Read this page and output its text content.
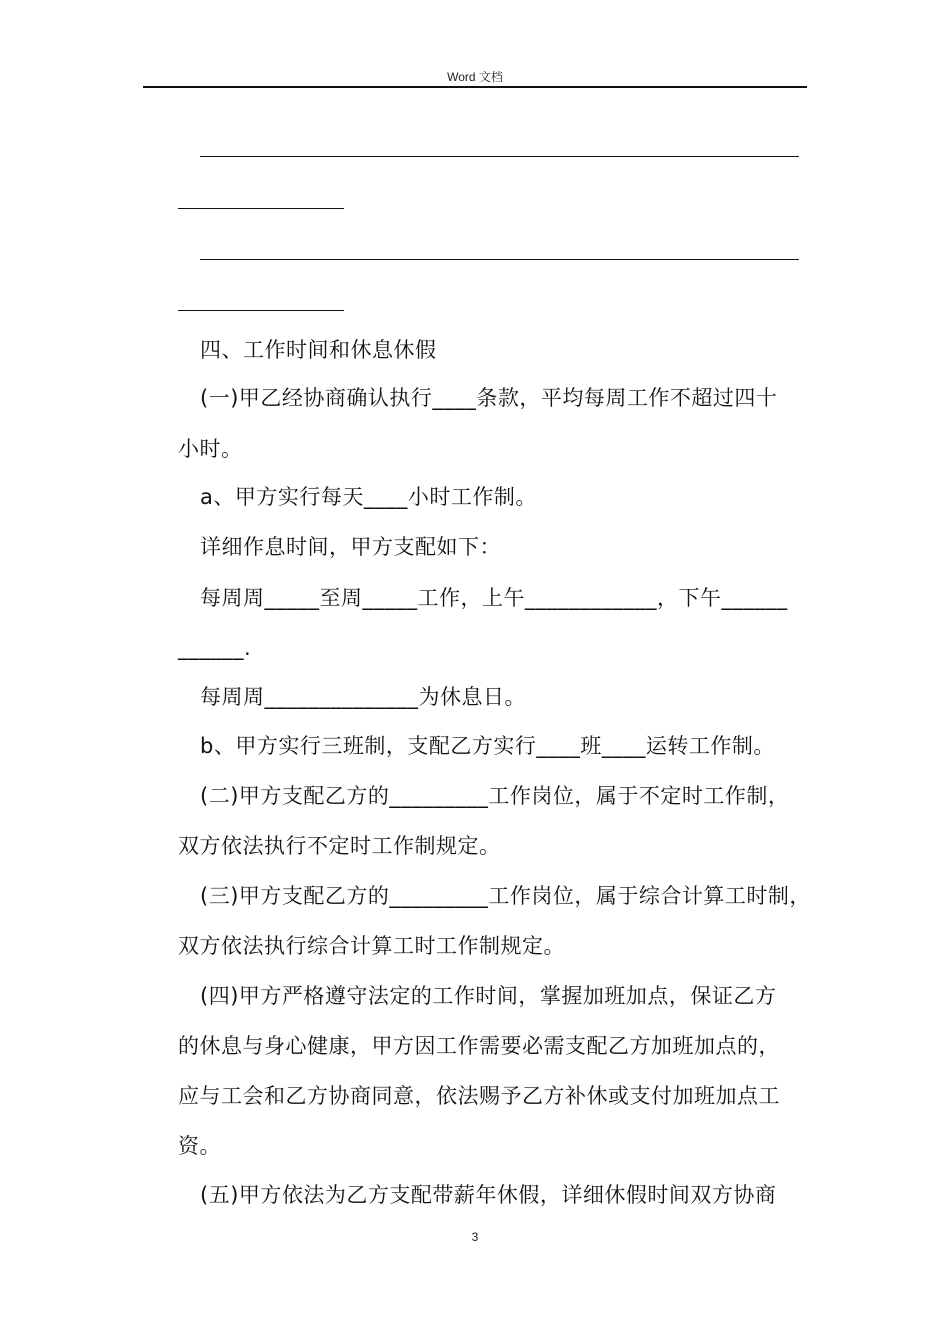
Word 文档
四、工作时间和休息休假
(一)甲乙经协商确认执行____条款，平均每周工作不超过四十
小时。
a、甲方实行每天____小时工作制。
详细作息时间，甲方支配如下：
每周周_____至周_____工作，上午____________，下午______
______.
每周周______________为休息日。
b、甲方实行三班制，支配乙方实行____班____运转工作制。
(二)甲方支配乙方的_________工作岗位，属于不定时工作制，
双方依法执行不定时工作制规定。
(三)甲方支配乙方的_________工作岗位，属于综合计算工时制，
双方依法执行综合计算工时工作制规定。
(四)甲方严格遵守法定的工作时间，掌握加班加点，保证乙方
的休息与身心健康，甲方因工作需要必需支配乙方加班加点的，
应与工会和乙方协商同意，依法赐予乙方补休或支付加班加点工
资。
(五)甲方依法为乙方支配带薪年休假，详细休假时间双方协商
3
